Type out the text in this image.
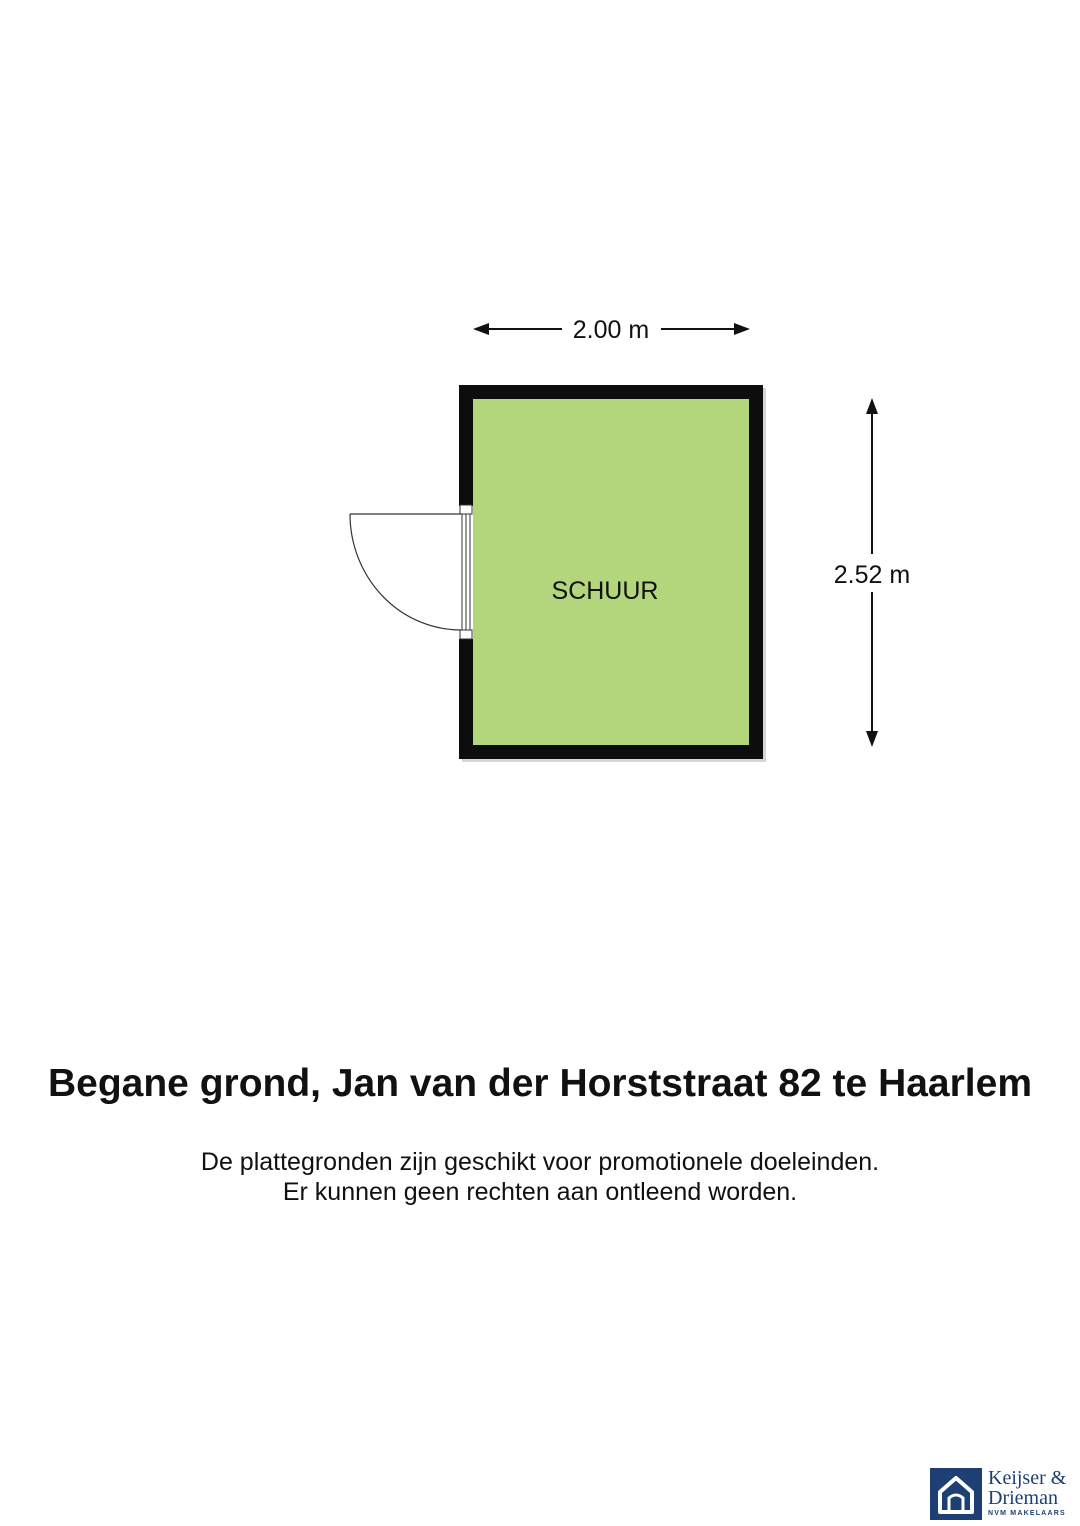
SCHUUR
2.00 m
2.52 m
Begane grond, Jan van der Horststraat 82 te Haarlem
De plattegronden zijn geschikt voor promotionele doeleinden.
Er kunnen geen rechten aan ontleend worden.
Keijser &
Drieman
NVM MAKELAARS
